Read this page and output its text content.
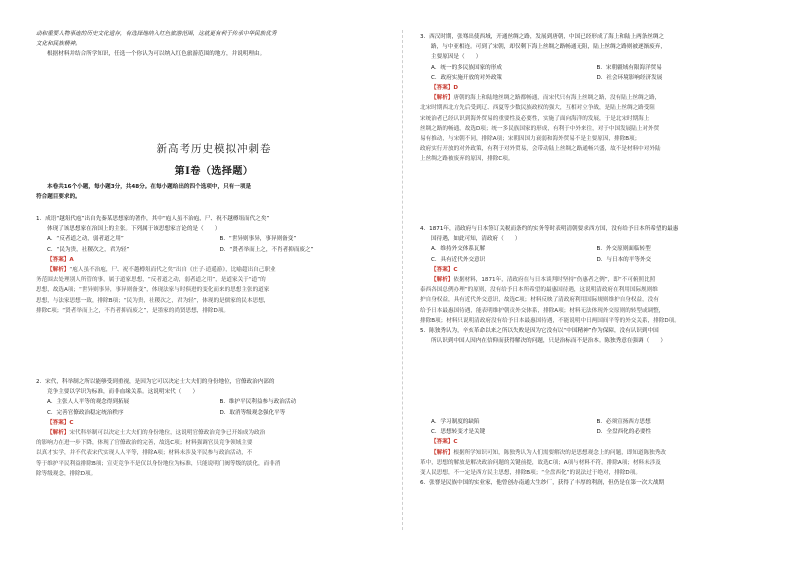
动和重要人物事迹的历史文化遗存，有选择地纳入红色旅游范围，这就更有利于传承中华民族优秀

文化和民族精神。

根据材料并结合所学知识，任选一个你认为可以纳入红色旅游范围的地方，并说明理由。

新高考历史模拟冲刺卷
第Ⅰ卷（选择题）

本卷共16个小题，每小题3分，共48分。在每小题给出的四个选项中，只有一项是

符合题目要求的。

1．成语“越俎代庖”出自先秦某思想家的著作，其中“庖人虽不治庖，尸、祝不越樽俎而代之矣”

体现了该思想家在治国上的主张。下列属于该思想家言论的是（　　）

A．“反者道之动，弱者道之用”	B．“世异则事异，事异则备变”
C．“民为贵，社稷次之，君为轻”	D．“贤者举而上之，不肖者抑而废之”

【答案】A

【解析】“庖人虽不治庖，尸、祝不越樽俎而代之矣”出自《庄子·逍遥游》，比喻超出自己职业

务范围去处理别人所管的事，属于道家思想，“反者道之动，弱者道之用”，是道家关于“道”的

思想，故选A项；“世异则事异，事异则备变”，体现法家与时俱进的变化而来的思想主张的道家

思想，与法家思想一致，排除B项；“民为贵，社稷次之，君为轻”，体现的是儒家的民本思想，

排除C项；“贤者举而上之，不肖者抑而废之”，是墨家的尚贤思想，排除D项。

2．宋代，科举制之所以能够受到重视，是因为它可以决定士大夫们的身份地位，官僚政治内部的

竞争主要以学识为标准，而非血缘关系。这说明宋代（　　）

A．主张人人平等的观念得到拓展	B．维护平民利益参与政治活动
C．完善官僚政治稳定统治秩序	D．取消等级观念强化平等

【答案】C

【解析】宋代科举制可以决定士大夫们的身份地位，这说明官僚政治竞争已开始成为政治

的影响力在进一步下降，体现了官僚政治的完善，故选C项；材料强调官员竞争领域主要

以真才实学，并不代表宋代实现人人平等，排除A项；材料未涉及平民参与政治活动，不

等于维护平民利益排除B项；宣吏竞争不是仅以身份地位为标准，只能说明门阀等级的淡化，而非消

除等级观念，排除D项。

3．西汉时期，张骞出使西域，开通丝绸之路，发展到唐朝，中国已经形成了海上和陆上两条丝绸之

路，与中亚相连。可到了宋朝，却仅剩下海上丝绸之路畅通无阻，陆上丝绸之路则被逐渐废弃，

主要原因是（　　）

A．统一的多民族国家的形成	B．宋朝疆域有限海洋贸易
C．政府实施开放的对外政策	D．社会环境影响经济发展

【答案】D

【解析】唐朝的海上和陆地丝绸之路都畅通，而宋代只有海上丝绸之路，没有陆上丝绸之路，

北宋时期西北方先后受到辽、西夏等少数民族政权的强大，互相对立争战，是陆上丝绸之路受阻

宋统治者已经认识到海外贸易的重要性及必要性，实施了面向海洋的发展，于是北宋时期海上

丝绸之路的畅通，故选D项；统一多民族国家的形成，有利于中外来往，对于中国发展陆上对外贸

易有推动，与宋朝不同，排除A项；宋朝因国力衰弱和海外贸易不是主要原因，排除B项；

政府实行开放的对外政策，有利于对外贸易，会带动陆上丝绸之路通畅兴盛，故不是材料中对外陆

上丝绸之路被废弃的原因，排除C项。

4．1871年，清政府与日本签订关税而条约的实务等时表明清朝要求西方国，没有给予日本所希望的最惠

国待遇，如此可知，清政府（　　）

A．维持外交体系瓦解	B．外交原则面临转型
C．具有近代外交意识	D．与日本的平等外交

【答案】C

【解析】依据材料，1871年，清政府在与日本谈判时坚持“伤惠者之例”，即“不可俯照比照

泰西各国总例办理”的原则，没有给予日本所希望的最惠国待遇，这说明清政府在利用国际规则维

护自身权益，具有近代外交意识，故选C项；材料反映了清政府利用国际规则维护自身权益，没有

给予日本最惠国待遇，能表明维护朝贡外交体系，排除A项；材料无法体现外交原则的转型或调整，

排除B项；材料只说明清政府没有给予日本最惠国待遇，不能说明中日两国间平等的外交关系，排除D项。

5．陈独秀认为，辛亥革命以来之所以失败是因为它没有以“中国精神”作为保障，没有认识到中国

所认识到中国人因内在信仰而获得解决的问题，只是治标而不是治本。陈独秀意在强调（　　）

A．学习制度的缺陷	B．必须宣扬西方思想
C．思想转变才是关键	D．全盘西化的必要性

【答案】C

【解析】根据所学知识可知，陈独秀认为人们需要解决的是思想观念上的问题，即知道陈独秀改

革中，思想的解放是解决政治问题的关键前提，故选C项；A项与材料不符，排除A项；材料未涉及

变人民思想，不一定是西方民主思想，排除B项；“全盘西化”的说法过于绝对，排除D项。

6．张謇是民族中国的实业家，他曾创办南通大生纱厂，获得了丰厚的利润，但仍是在第一次大战期
